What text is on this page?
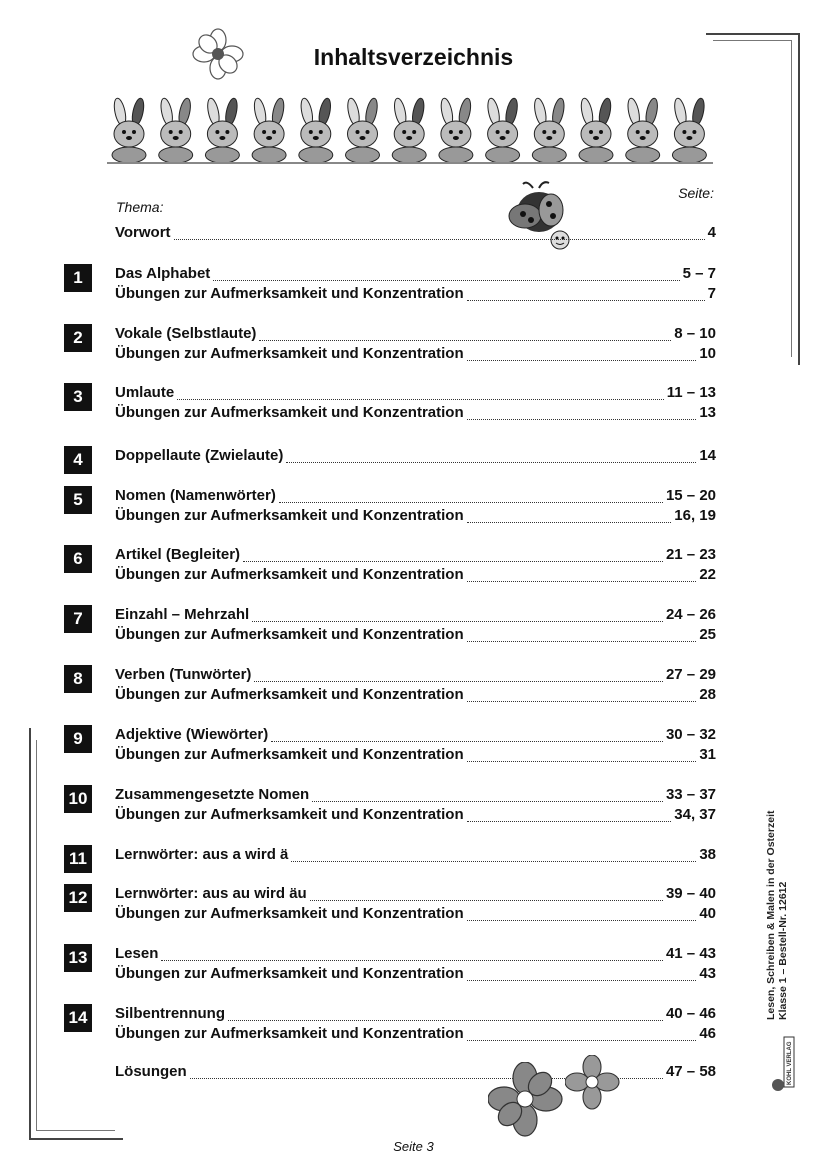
Inhaltsverzeichnis
Seite:
Thema:
Vorwort	4
1	Das Alphabet	5 – 7
Übungen zur Aufmerksamkeit und Konzentration	7
2	Vokale (Selbstlaute)	8 – 10
Übungen zur Aufmerksamkeit und Konzentration	10
3	Umlaute	11 – 13
Übungen zur Aufmerksamkeit und Konzentration	13
4	Doppellaute (Zwielaute)	14
5	Nomen (Namenwörter)	15 – 20
Übungen zur Aufmerksamkeit und Konzentration	16, 19
6	Artikel (Begleiter)	21 – 23
Übungen zur Aufmerksamkeit und Konzentration	22
7	Einzahl – Mehrzahl	24 – 26
Übungen zur Aufmerksamkeit und Konzentration	25
8	Verben (Tunwörter)	27 – 29
Übungen zur Aufmerksamkeit und Konzentration	28
9	Adjektive (Wiewörter)	30 – 32
Übungen zur Aufmerksamkeit und Konzentration	31
10	Zusammengesetzte Nomen	33 – 37
Übungen zur Aufmerksamkeit und Konzentration	34, 37
11	Lernwörter: aus a wird ä	38
12	Lernwörter: aus au wird äu	39 – 40
Übungen zur Aufmerksamkeit und Konzentration	40
13	Lesen	41 – 43
Übungen zur Aufmerksamkeit und Konzentration	43
14	Silbentrennung	40 – 46
Übungen zur Aufmerksamkeit und Konzentration	46
Lösungen	47 – 58
Lesen, Schreiben & Malen in der Osterzeit Klasse 1 – Bestell-Nr. 12612
KOHL VERLAG
Seite 3
